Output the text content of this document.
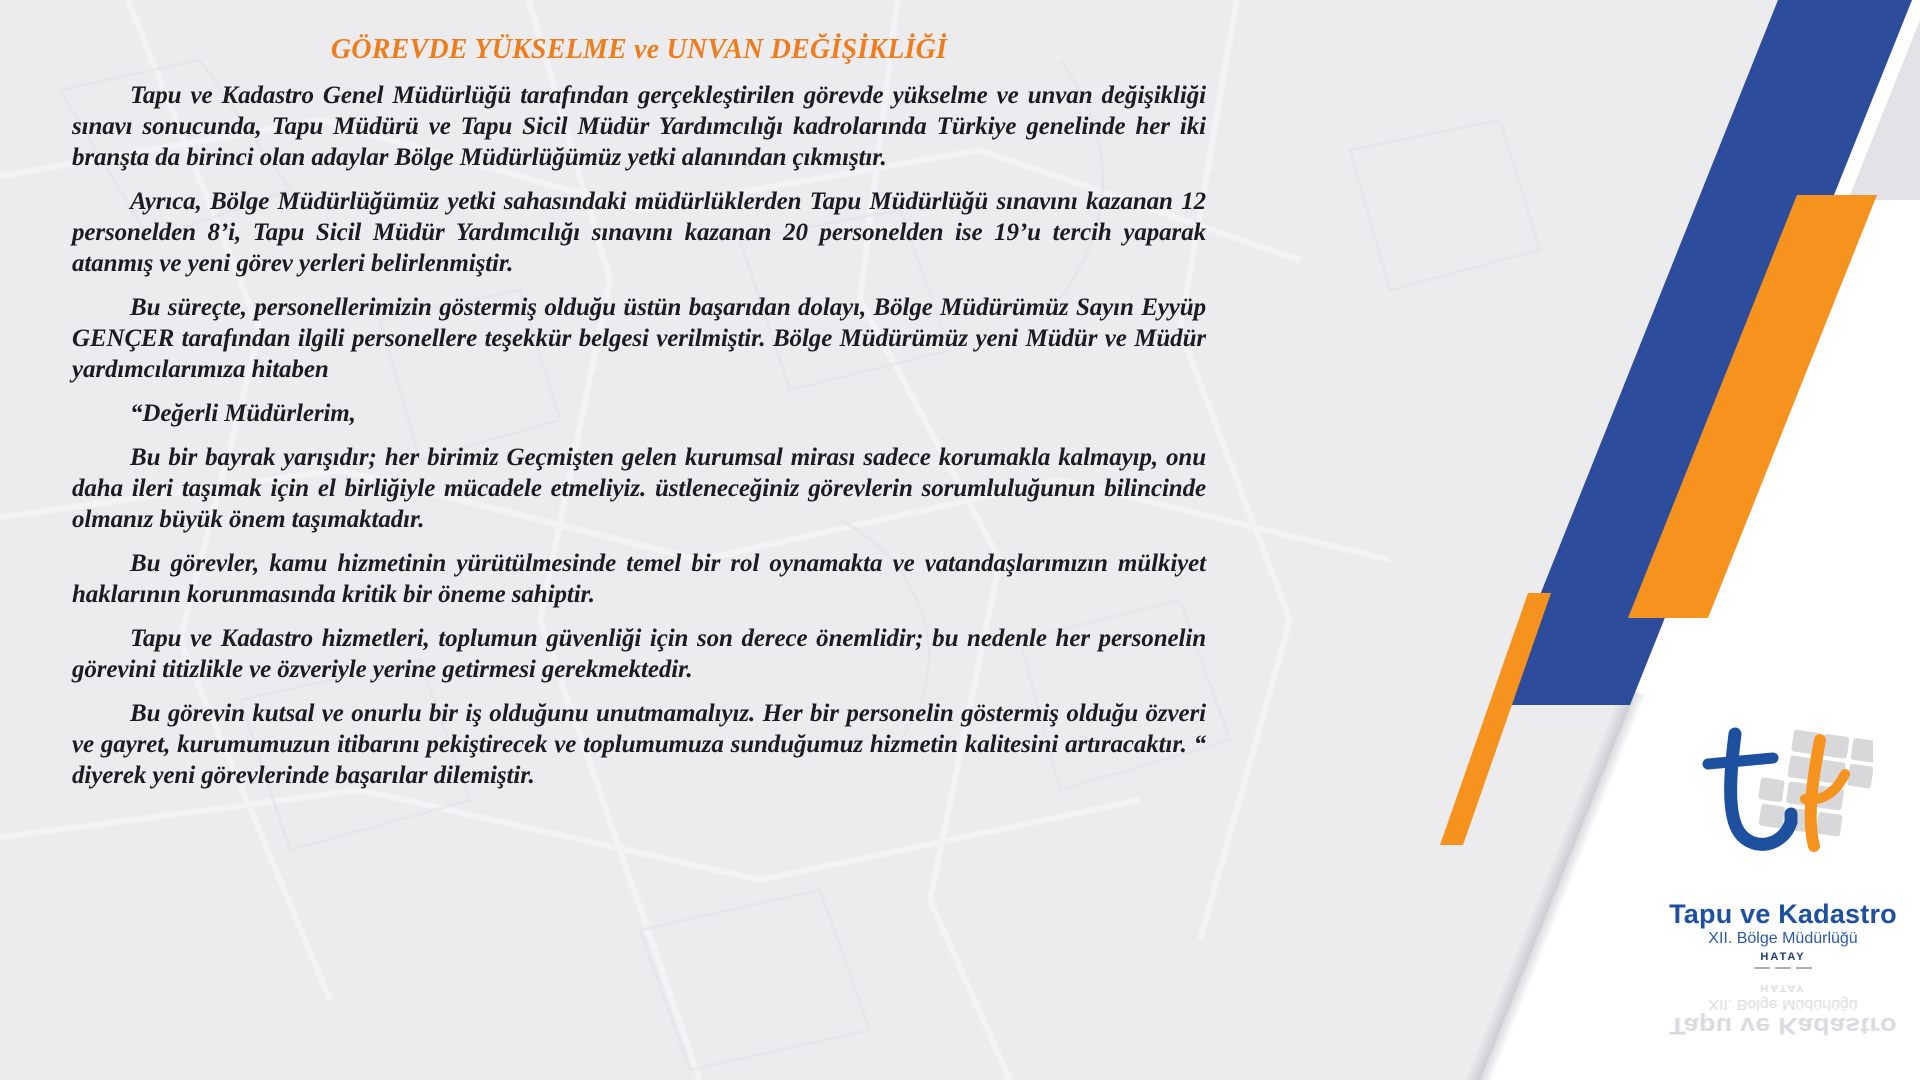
GÖREVDE YÜKSELME ve UNVAN DEĞİŞİKLİĞİ

Tapu ve Kadastro Genel Müdürlüğü tarafından gerçekleştirilen görevde yükselme ve unvan değişikliği sınavı sonucunda, Tapu Müdürü ve Tapu Sicil Müdür Yardımcılığı kadrolarında Türkiye genelinde her iki branşta da birinci olan adaylar Bölge Müdürlüğümüz yetki alanından çıkmıştır.

Ayrıca, Bölge Müdürlüğümüz yetki sahasındaki müdürlüklerden Tapu Müdürlüğü sınavını kazanan 12 personelden 8’i, Tapu Sicil Müdür Yardımcılığı sınavını kazanan 20 personelden ise 19’u tercih yaparak atanmış ve yeni görev yerleri belirlenmiştir.

Bu süreçte, personellerimizin göstermiş olduğu üstün başarıdan dolayı, Bölge Müdürümüz Sayın Eyyüp GENÇER tarafından ilgili personellere teşekkür belgesi verilmiştir. Bölge Müdürümüz yeni Müdür ve Müdür yardımcılarımıza hitaben

“Değerli Müdürlerim,

Bu bir bayrak yarışıdır; her birimiz Geçmişten gelen kurumsal mirası sadece korumakla kalmayıp, onu daha ileri taşımak için el birliğiyle mücadele etmeliyiz. üstleneceğiniz görevlerin sorumluluğunun bilincinde olmanız büyük önem taşımaktadır.

Bu görevler, kamu hizmetinin yürütülmesinde temel bir rol oynamakta ve vatandaşlarımızın mülkiyet haklarının korunmasında kritik bir öneme sahiptir.

Tapu ve Kadastro hizmetleri, toplumun güvenliği için son derece önemlidir; bu nedenle her personelin görevini titizlikle ve özveriyle yerine getirmesi gerekmektedir.

Bu görevin kutsal ve onurlu bir iş olduğunu unutmamalıyız. Her bir personelin göstermiş olduğu özveri ve gayret, kurumumuzun itibarını pekiştirecek ve toplumumuza sunduğumuz hizmetin kalitesini artıracaktır. “ diyerek yeni görevlerinde başarılar dilemiştir.

Tapu ve Kadastro
XII. Bölge Müdürlüğü
HATAY
Tapu ve Kadastro
XII. Bölge Müdürlüğü
HATAY
